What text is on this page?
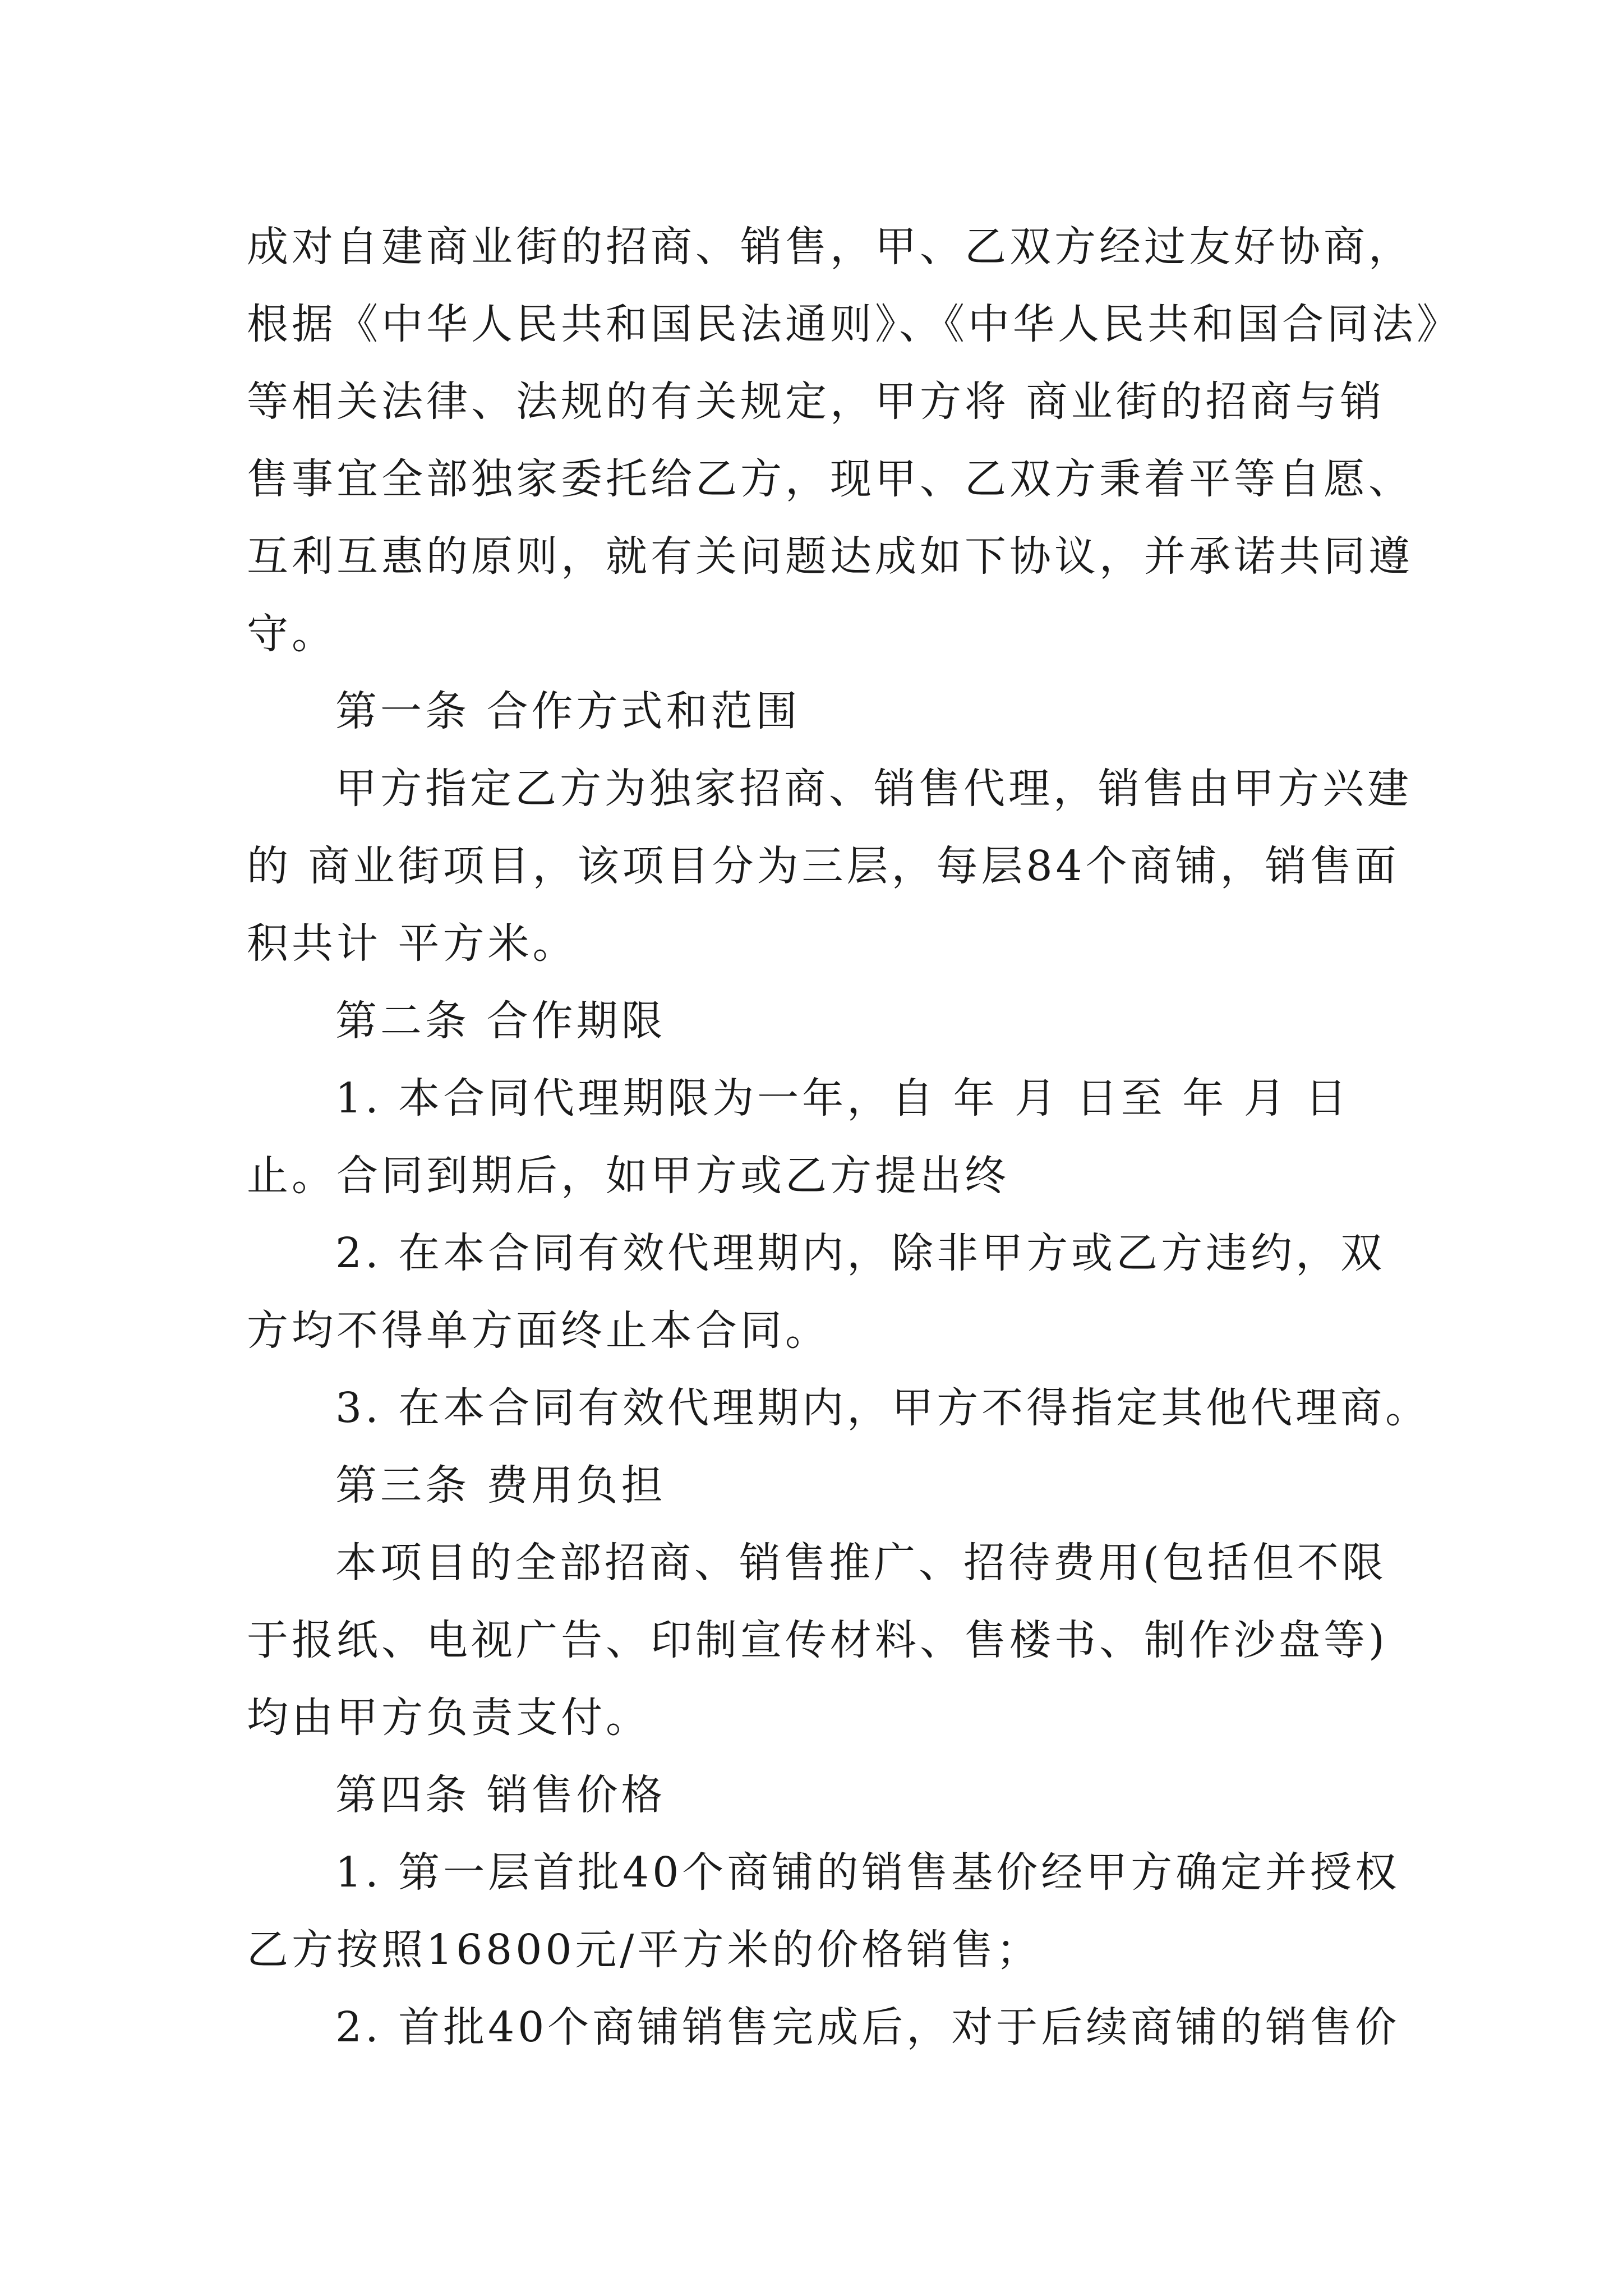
成对自建商业街的招商、销售，甲、乙双方经过友好协商，
根据《中华人民共和国民法通则》、《中华人民共和国合同法》
等相关法律、法规的有关规定，甲方将 商业街的招商与销
售事宜全部独家委托给乙方，现甲、乙双方秉着平等自愿、
互利互惠的原则，就有关问题达成如下协议，并承诺共同遵
守。
第一条 合作方式和范围
甲方指定乙方为独家招商、销售代理，销售由甲方兴建
的 商业街项目，该项目分为三层，每层84个商铺，销售面
积共计 平方米。
第二条 合作期限
1. 本合同代理期限为一年，自 年 月 日至 年 月 日
止。合同到期后，如甲方或乙方提出终
2. 在本合同有效代理期内，除非甲方或乙方违约，双
方均不得单方面终止本合同。
3. 在本合同有效代理期内，甲方不得指定其他代理商。
第三条 费用负担
本项目的全部招商、销售推广、招待费用(包括但不限
于报纸、电视广告、印制宣传材料、售楼书、制作沙盘等)
均由甲方负责支付。
第四条 销售价格
1. 第一层首批40个商铺的销售基价经甲方确定并授权
乙方按照16800元/平方米的价格销售；
2. 首批40个商铺销售完成后，对于后续商铺的销售价
